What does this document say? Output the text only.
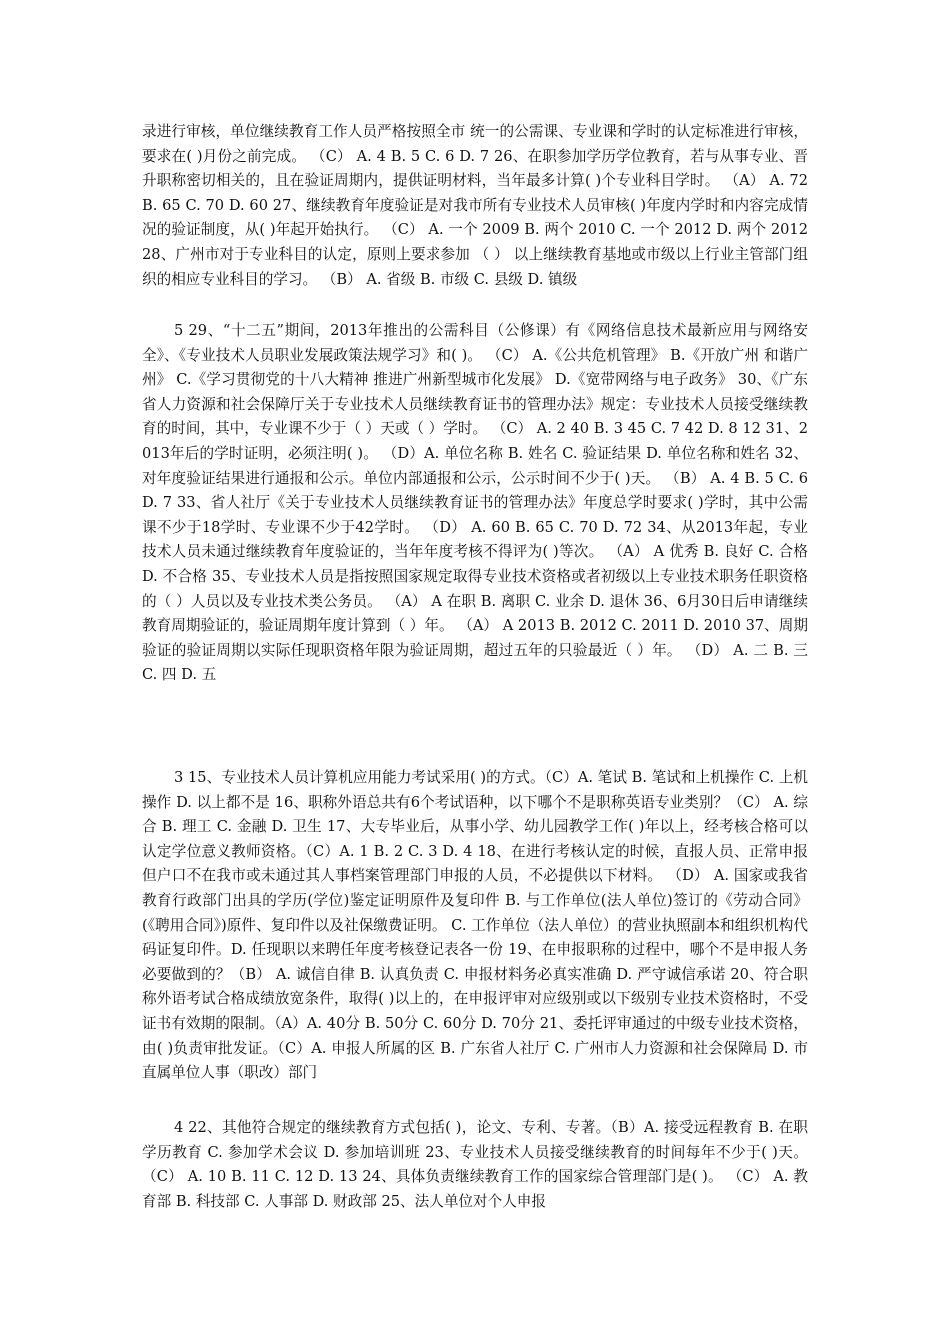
录进行审核，单位继续教育工作人员严格按照全市 统一的公需课、专业课和学时的认定标准进行审核，要求在( )月份之前完成。 （C） A. 4 B. 5 C. 6 D. 7 26、在职参加学历学位教育，若与从事专业、晋升职称密切相关的，且在验证周期内，提供证明材料，当年最多计算( )个专业科目学时。 （A） A. 72 B. 65 C. 70 D. 60 27、继续教育年度验证是对我市所有专业技术人员审核( )年度内学时和内容完成情况的验证制度，从( )年起开始执行。 （C） A. 一个 2009 B. 两个 2010 C. 一个 2012 D. 两个 2012 28、广州市对于专业科目的认定，原则上要求参加 （ ） 以上继续教育基地或市级以上行业主管部门组织的相应专业科目的学习。 （B） A. 省级 B. 市级 C. 县级 D. 镇级

5 29、“十二五”期间，2013年推出的公需科目（公修课）有《网络信息技术最新应用与网络安全》、《专业技术人员职业发展政策法规学习》和( )。 （C） A.《公共危机管理》 B.《开放广州 和谐广州》 C.《学习贯彻党的十八大精神 推进广州新型城市化发展》 D.《宽带网络与电子政务》 30、《广东省人力资源和社会保障厅关于专业技术人员继续教育证书的管理办法》规定：专业技术人员接受继续教育的时间，其中，专业课不少于（ ）天或（ ）学时。 （C） A. 2 40 B. 3 45 C. 7 42 D. 8 12 31、2013年后的学时证明，必须注明( )。 （D）A. 单位名称 B. 姓名 C. 验证结果 D. 单位名称和姓名 32、对年度验证结果进行通报和公示。单位内部通报和公示，公示时间不少于( )天。 （B） A. 4 B. 5 C. 6 D. 7 33、省人社厅《关于专业技术人员继续教育证书的管理办法》年度总学时要求( )学时，其中公需课不少于18学时、专业课不少于42学时。 （D） A. 60 B. 65 C. 70 D. 72 34、从2013年起，专业技术人员未通过继续教育年度验证的，当年年度考核不得评为( )等次。 （A） A 优秀 B. 良好 C. 合格 D. 不合格 35、专业技术人员是指按照国家规定取得专业技术资格或者初级以上专业技术职务任职资格的（ ）人员以及专业技术类公务员。 （A） A 在职 B. 离职 C. 业余 D. 退休 36、6月30日后申请继续教育周期验证的，验证周期年度计算到（ ）年。 （A） A 2013 B. 2012 C. 2011 D. 2010 37、周期验证的验证周期以实际任现职资格年限为验证周期，超过五年的只验最近（ ）年。 （D） A. 二 B. 三 C. 四 D. 五

3 15、专业技术人员计算机应用能力考试采用( )的方式。（C）A. 笔试 B. 笔试和上机操作 C. 上机操作 D. 以上都不是 16、职称外语总共有6个考试语种，以下哪个不是职称英语专业类别？（C） A. 综合 B. 理工 C. 金融 D. 卫生 17、大专毕业后，从事小学、幼儿园教学工作( )年以上，经考核合格可以认定学位意义教师资格。（C）A. 1 B. 2 C. 3 D. 4 18、在进行考核认定的时候，直报人员、正常申报但户口不在我市或未通过其人事档案管理部门申报的人员，不必提供以下材料。 （D） A. 国家或我省教育行政部门出具的学历(学位)鉴定证明原件及复印件 B. 与工作单位(法人单位)签订的《劳动合同》(《聘用合同》)原件、复印件以及社保缴费证明。 C. 工作单位（法人单位）的营业执照副本和组织机构代码证复印件。D. 任现职以来聘任年度考核登记表各一份 19、在申报职称的过程中，哪个不是申报人务必要做到的？（B） A. 诚信自律 B. 认真负责 C. 申报材料务必真实准确 D. 严守诚信承诺 20、符合职称外语考试合格成绩放宽条件，取得( )以上的，在申报评审对应级别或以下级别专业技术资格时，不受证书有效期的限制。（A）A. 40分 B. 50分 C. 60分 D. 70分 21、委托评审通过的中级专业技术资格，由( )负责审批发证。（C）A. 申报人所属的区 B. 广东省人社厅 C. 广州市人力资源和社会保障局 D. 市直属单位人事（职改）部门

4 22、其他符合规定的继续教育方式包括( )，论文、专利、专著。（B）A. 接受远程教育 B. 在职学历教育 C. 参加学术会议 D. 参加培训班 23、专业技术人员接受继续教育的时间每年不少于( )天。 （C） A. 10 B. 11 C. 12 D. 13 24、具体负责继续教育工作的国家综合管理部门是( )。 （C） A. 教育部 B. 科技部 C. 人事部 D. 财政部 25、法人单位对个人申报
